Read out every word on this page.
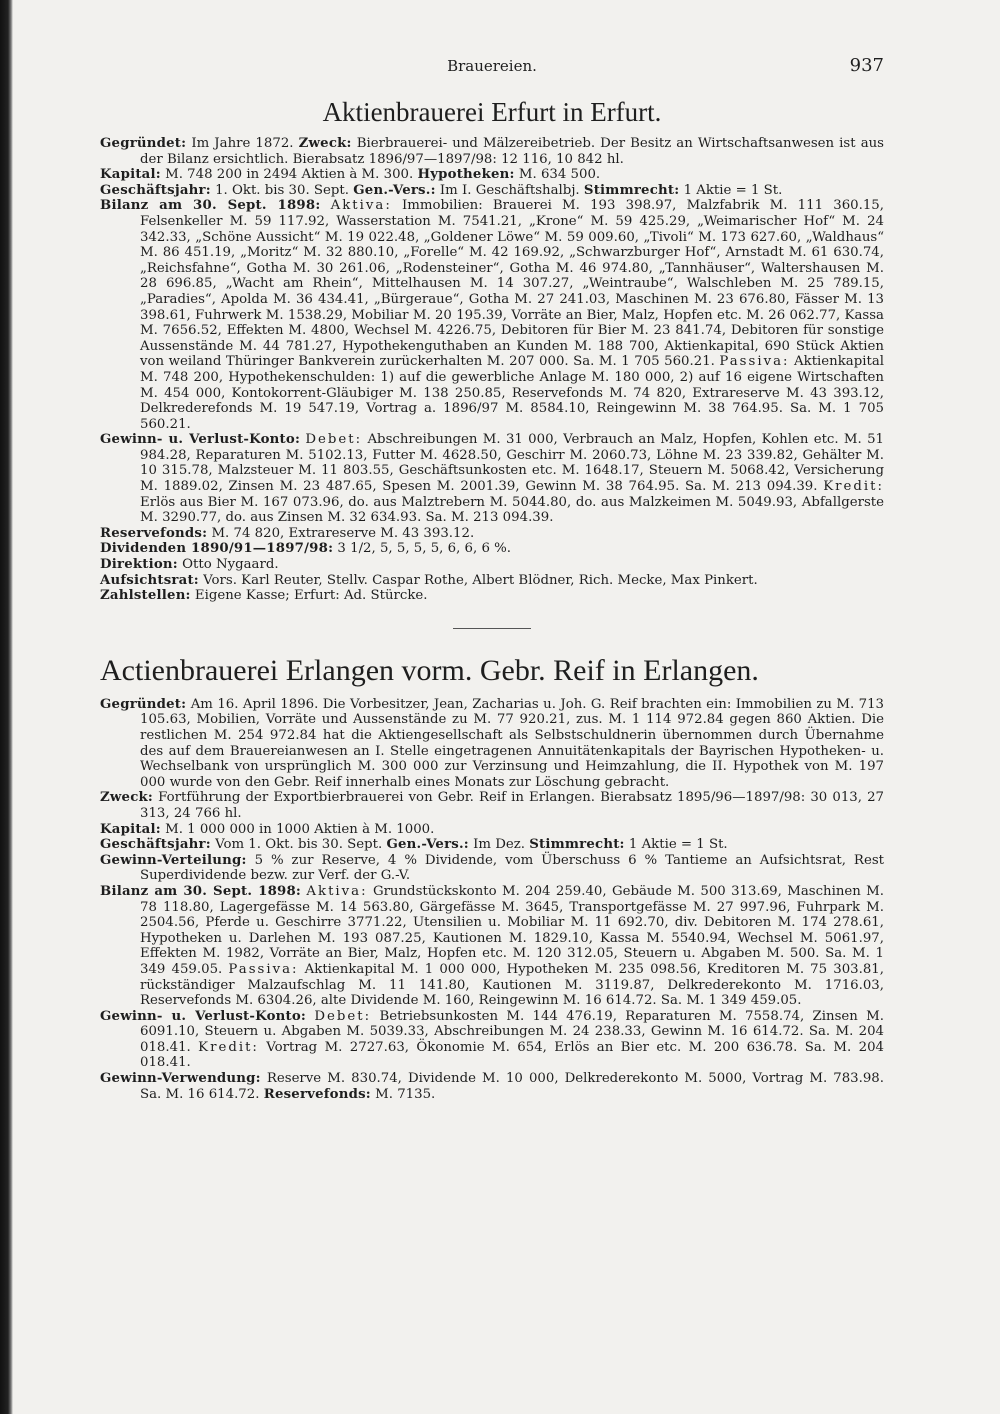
Brauereien.	937
Aktienbrauerei Erfurt in Erfurt.

Gegründet: Im Jahre 1872. Zweck: Bierbrauerei- und Mälzereibetrieb. Der Besitz an Wirtschaftsanwesen ist aus der Bilanz ersichtlich. Bierabsatz 1896/97—1897/98: 12 116, 10 842 hl.

Kapital: M. 748 200 in 2494 Aktien à M. 300. Hypotheken: M. 634 500.

Geschäftsjahr: 1. Okt. bis 30. Sept. Gen.-Vers.: Im I. Geschäftshalbj. Stimmrecht: 1 Aktie = 1 St.

Bilanz am 30. Sept. 1898: Aktiva: Immobilien: Brauerei M. 193 398.97, Malzfabrik M. 111 360.15, Felsenkeller M. 59 117.92, Wasserstation M. 7541.21, „Krone“ M. 59 425.29, „Weimarischer Hof“ M. 24 342.33, „Schöne Aussicht“ M. 19 022.48, „Goldener Löwe“ M. 59 009.60, „Tivoli“ M. 173 627.60, „Waldhaus“ M. 86 451.19, „Moritz“ M. 32 880.10, „Forelle“ M. 42 169.92, „Schwarzburger Hof“, Arnstadt M. 61 630.74, „Reichsfahne“, Gotha M. 30 261.06, „Rodensteiner“, Gotha M. 46 974.80, „Tannhäuser“, Waltershausen M. 28 696.85, „Wacht am Rhein“, Mittelhausen M. 14 307.27, „Weintraube“, Walschleben M. 25 789.15, „Paradies“, Apolda M. 36 434.41, „Bürgeraue“, Gotha M. 27 241.03, Maschinen M. 23 676.80, Fässer M. 13 398.61, Fuhrwerk M. 1538.29, Mobiliar M. 20 195.39, Vorräte an Bier, Malz, Hopfen etc. M. 26 062.77, Kassa M. 7656.52, Effekten M. 4800, Wechsel M. 4226.75, Debitoren für Bier M. 23 841.74, Debitoren für sonstige Aussenstände M. 44 781.27, Hypothekenguthaben an Kunden M. 188 700, Aktienkapital, 690 Stück Aktien von weiland Thüringer Bankverein zurückerhalten M. 207 000. Sa. M. 1 705 560.21. Passiva: Aktienkapital M. 748 200, Hypothekenschulden: 1) auf die gewerbliche Anlage M. 180 000, 2) auf 16 eigene Wirtschaften M. 454 000, Kontokorrent-Gläubiger M. 138 250.85, Reservefonds M. 74 820, Extrareserve M. 43 393.12, Delkrederefonds M. 19 547.19, Vortrag a. 1896/97 M. 8584.10, Reingewinn M. 38 764.95. Sa. M. 1 705 560.21.

Gewinn- u. Verlust-Konto: Debet: Abschreibungen M. 31 000, Verbrauch an Malz, Hopfen, Kohlen etc. M. 51 984.28, Reparaturen M. 5102.13, Futter M. 4628.50, Geschirr M. 2060.73, Löhne M. 23 339.82, Gehälter M. 10 315.78, Malzsteuer M. 11 803.55, Geschäftsunkosten etc. M. 1648.17, Steuern M. 5068.42, Versicherung M. 1889.02, Zinsen M. 23 487.65, Spesen M. 2001.39, Gewinn M. 38 764.95. Sa. M. 213 094.39. Kredit: Erlös aus Bier M. 167 073.96, do. aus Malztrebern M. 5044.80, do. aus Malzkeimen M. 5049.93, Abfallgerste M. 3290.77, do. aus Zinsen M. 32 634.93. Sa. M. 213 094.39.

Reservefonds: M. 74 820, Extrareserve M. 43 393.12.

Dividenden 1890/91—1897/98: 3 1/2, 5, 5, 5, 5, 6, 6, 6 %.

Direktion: Otto Nygaard.

Aufsichtsrat: Vors. Karl Reuter, Stellv. Caspar Rothe, Albert Blödner, Rich. Mecke, Max Pinkert.

Zahlstellen: Eigene Kasse; Erfurt: Ad. Stürcke.

Actienbrauerei Erlangen vorm. Gebr. Reif in Erlangen.

Gegründet: Am 16. April 1896. Die Vorbesitzer, Jean, Zacharias u. Joh. G. Reif brachten ein: Immobilien zu M. 713 105.63, Mobilien, Vorräte und Aussenstände zu M. 77 920.21, zus. M. 1 114 972.84 gegen 860 Aktien. Die restlichen M. 254 972.84 hat die Aktiengesellschaft als Selbstschuldnerin übernommen durch Übernahme des auf dem Brauereianwesen an I. Stelle eingetragenen Annuitätenkapitals der Bayrischen Hypotheken- u. Wechselbank von ursprünglich M. 300 000 zur Verzinsung und Heimzahlung, die II. Hypothek von M. 197 000 wurde von den Gebr. Reif innerhalb eines Monats zur Löschung gebracht.

Zweck: Fortführung der Exportbierbrauerei von Gebr. Reif in Erlangen. Bierabsatz 1895/96—1897/98: 30 013, 27 313, 24 766 hl.

Kapital: M. 1 000 000 in 1000 Aktien à M. 1000.

Geschäftsjahr: Vom 1. Okt. bis 30. Sept. Gen.-Vers.: Im Dez. Stimmrecht: 1 Aktie = 1 St.

Gewinn-Verteilung: 5 % zur Reserve, 4 % Dividende, vom Überschuss 6 % Tantieme an Aufsichtsrat, Rest Superdividende bezw. zur Verf. der G.-V.

Bilanz am 30. Sept. 1898: Aktiva: Grundstückskonto M. 204 259.40, Gebäude M. 500 313.69, Maschinen M. 78 118.80, Lagergefässe M. 14 563.80, Gärgefässe M. 3645, Transportgefässe M. 27 997.96, Fuhrpark M. 2504.56, Pferde u. Geschirre 3771.22, Utensilien u. Mobiliar M. 11 692.70, div. Debitoren M. 174 278.61, Hypotheken u. Darlehen M. 193 087.25, Kautionen M. 1829.10, Kassa M. 5540.94, Wechsel M. 5061.97, Effekten M. 1982, Vorräte an Bier, Malz, Hopfen etc. M. 120 312.05, Steuern u. Abgaben M. 500. Sa. M. 1 349 459.05. Passiva: Aktienkapital M. 1 000 000, Hypotheken M. 235 098.56, Kreditoren M. 75 303.81, rückständiger Malzaufschlag M. 11 141.80, Kautionen M. 3119.87, Delkrederekonto M. 1716.03, Reservefonds M. 6304.26, alte Dividende M. 160, Reingewinn M. 16 614.72. Sa. M. 1 349 459.05.

Gewinn- u. Verlust-Konto: Debet: Betriebsunkosten M. 144 476.19, Reparaturen M. 7558.74, Zinsen M. 6091.10, Steuern u. Abgaben M. 5039.33, Abschreibungen M. 24 238.33, Gewinn M. 16 614.72. Sa. M. 204 018.41. Kredit: Vortrag M. 2727.63, Ökonomie M. 654, Erlös an Bier etc. M. 200 636.78. Sa. M. 204 018.41.

Gewinn-Verwendung: Reserve M. 830.74, Dividende M. 10 000, Delkrederekonto M. 5000, Vortrag M. 783.98. Sa. M. 16 614.72. Reservefonds: M. 7135.
